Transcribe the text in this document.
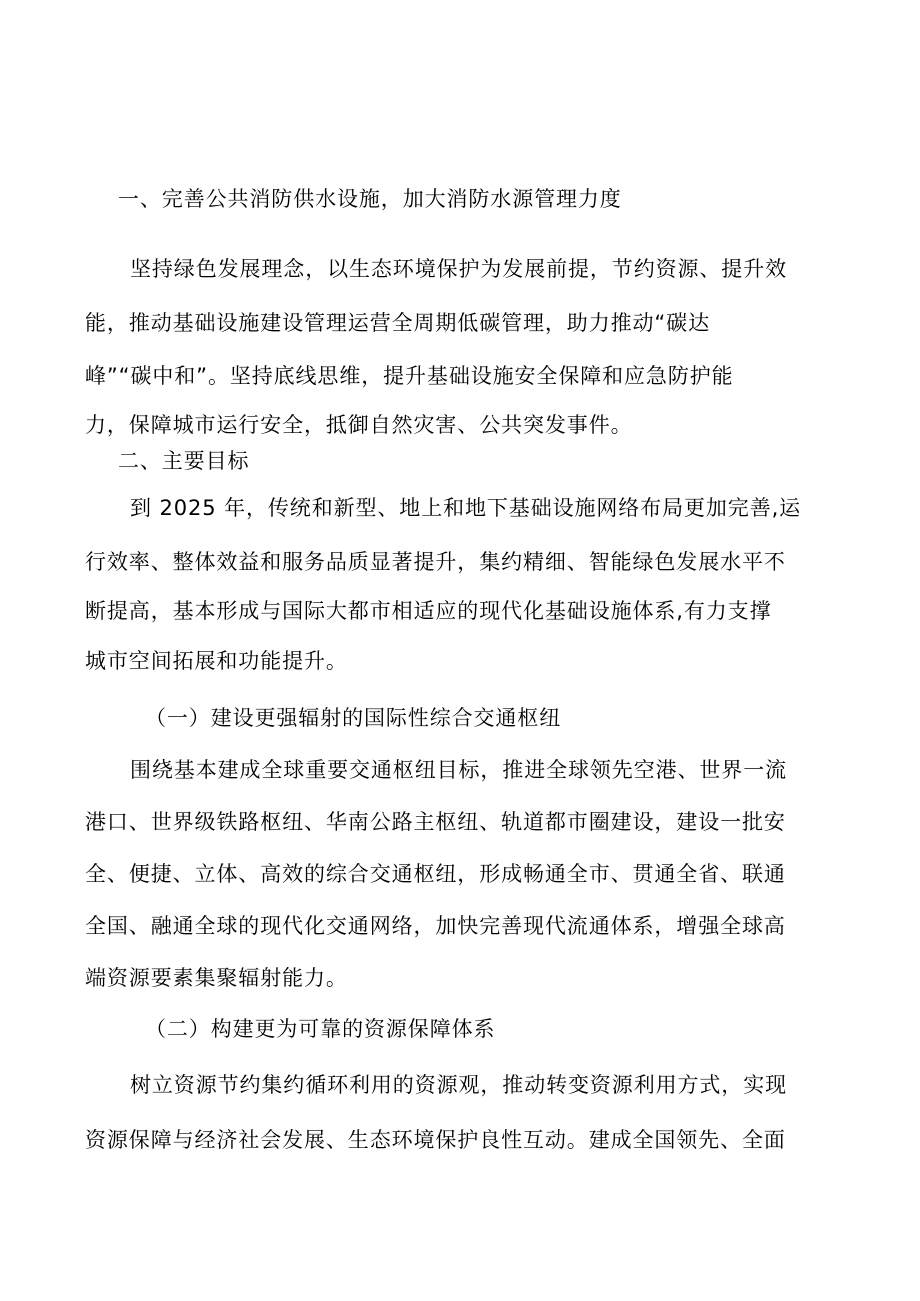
一、完善公共消防供水设施，加大消防水源管理力度
坚持绿色发展理念，以生态环境保护为发展前提，节约资源、提升效
能，推动基础设施建设管理运营全周期低碳管理，助力推动“碳达
峰”“碳中和”。坚持底线思维，提升基础设施安全保障和应急防护能
力，保障城市运行安全，抵御自然灾害、公共突发事件。
二、主要目标
到 2025 年，传统和新型、地上和地下基础设施网络布局更加完善,运
行效率、整体效益和服务品质显著提升，集约精细、智能绿色发展水平不
断提高，基本形成与国际大都市相适应的现代化基础设施体系,有力支撑
城市空间拓展和功能提升。
（一）建设更强辐射的国际性综合交通枢纽
围绕基本建成全球重要交通枢纽目标，推进全球领先空港、世界一流
港口、世界级铁路枢纽、华南公路主枢纽、轨道都市圈建设，建设一批安
全、便捷、立体、高效的综合交通枢纽，形成畅通全市、贯通全省、联通
全国、融通全球的现代化交通网络，加快完善现代流通体系，增强全球高
端资源要素集聚辐射能力。
（二）构建更为可靠的资源保障体系
树立资源节约集约循环利用的资源观，推动转变资源利用方式，实现
资源保障与经济社会发展、生态环境保护良性互动。建成全国领先、全面
